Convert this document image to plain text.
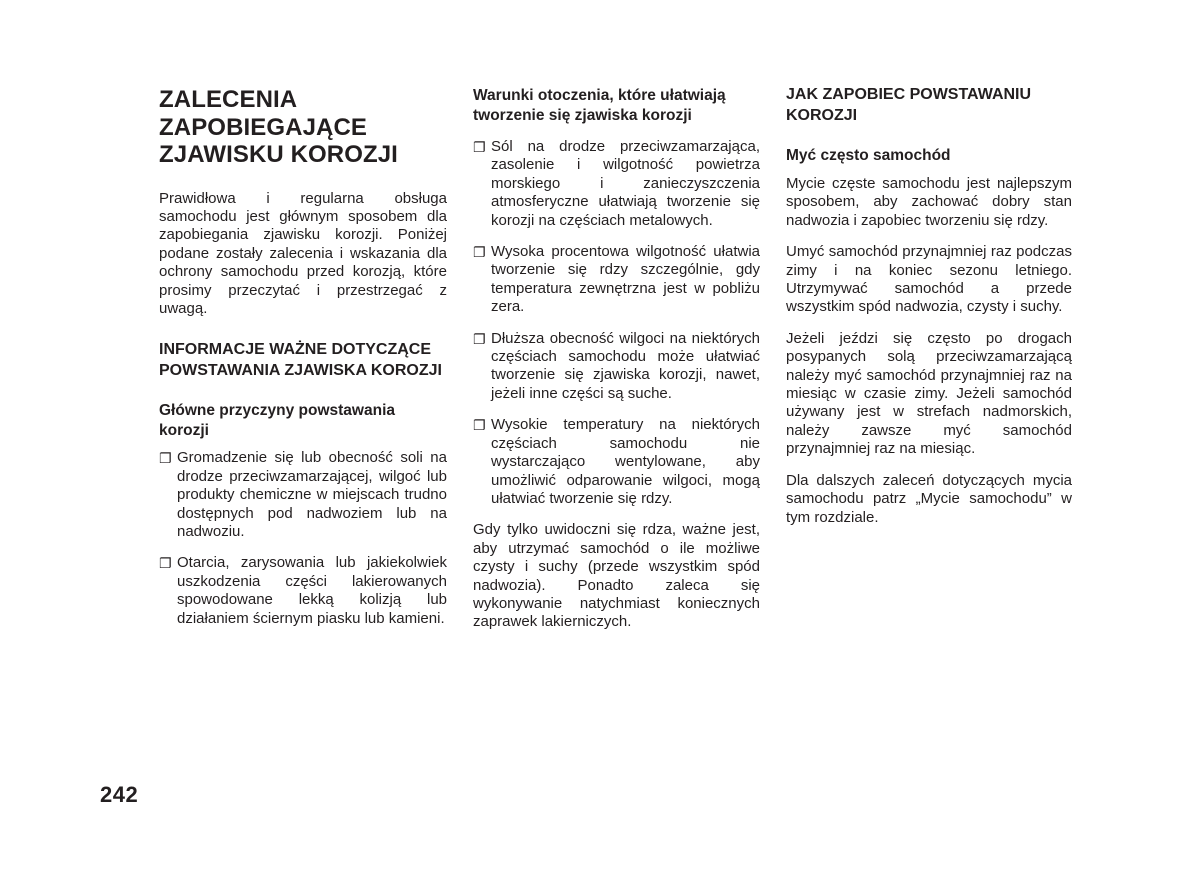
ZALECENIA ZAPOBIEGAJĄCE ZJAWISKU KOROZJI

Prawidłowa i regularna obsługa samochodu jest głównym sposobem dla zapobiegania zjawisku korozji. Poniżej podane zostały zalecenia i wskazania dla ochrony samochodu przed korozją, które prosimy przeczytać i przestrzegać z uwagą.

INFORMACJE WAŻNE DOTYCZĄCE POWSTAWANIA ZJAWISKA KOROZJI
Główne przyczyny powstawania korozji
❐ Gromadzenie się lub obecność soli na drodze przeciwzamarzającej, wilgoć lub produkty chemiczne w miejscach trudno dostępnych pod nadwoziem lub na nadwoziu.
❐ Otarcia, zarysowania lub jakiekolwiek uszkodzenia części lakierowanych spowodowane lekką kolizją lub działaniem ściernym piasku lub kamieni.
Warunki otoczenia, które ułatwiają tworzenie się zjawiska korozji
❐ Sól na drodze przeciwzamarzająca, zasolenie i wilgotność powietrza morskiego i zanieczyszczenia atmosferyczne ułatwiają tworzenie się korozji na częściach metalowych.
❐ Wysoka procentowa wilgotność ułatwia tworzenie się rdzy szczególnie, gdy temperatura zewnętrzna jest w pobliżu zera.
❐ Dłuższa obecność wilgoci na niektórych częściach samochodu może ułatwiać tworzenie się zjawiska korozji, nawet, jeżeli inne części są suche.
❐ Wysokie temperatury na niektórych częściach samochodu nie wystarczająco wentylowane, aby umożliwić odparowanie wilgoci, mogą ułatwiać tworzenie się rdzy.

Gdy tylko uwidoczni się rdza, ważne jest, aby utrzymać samochód o ile możliwe czysty i suchy (przede wszystkim spód nadwozia). Ponadto zaleca się wykonywanie natychmiast koniecznych zaprawek lakierniczych.

JAK ZAPOBIEC POWSTAWANIU KOROZJI
Myć często samochód

Mycie częste samochodu jest najlepszym sposobem, aby zachować dobry stan nadwozia i zapobiec tworzeniu się rdzy.

Umyć samochód przynajmniej raz podczas zimy i na koniec sezonu letniego. Utrzymywać samochód a przede wszystkim spód nadwozia, czysty i suchy.

Jeżeli jeździ się często po drogach posypanych solą przeciwzamarzającą należy myć samochód przynajmniej raz na miesiąc w czasie zimy. Jeżeli samochód używany jest w strefach nadmorskich, należy zawsze myć samochód przynajmniej raz na miesiąc.

Dla dalszych zaleceń dotyczących mycia samochodu patrz „Mycie samochodu” w tym rozdziale.

242
